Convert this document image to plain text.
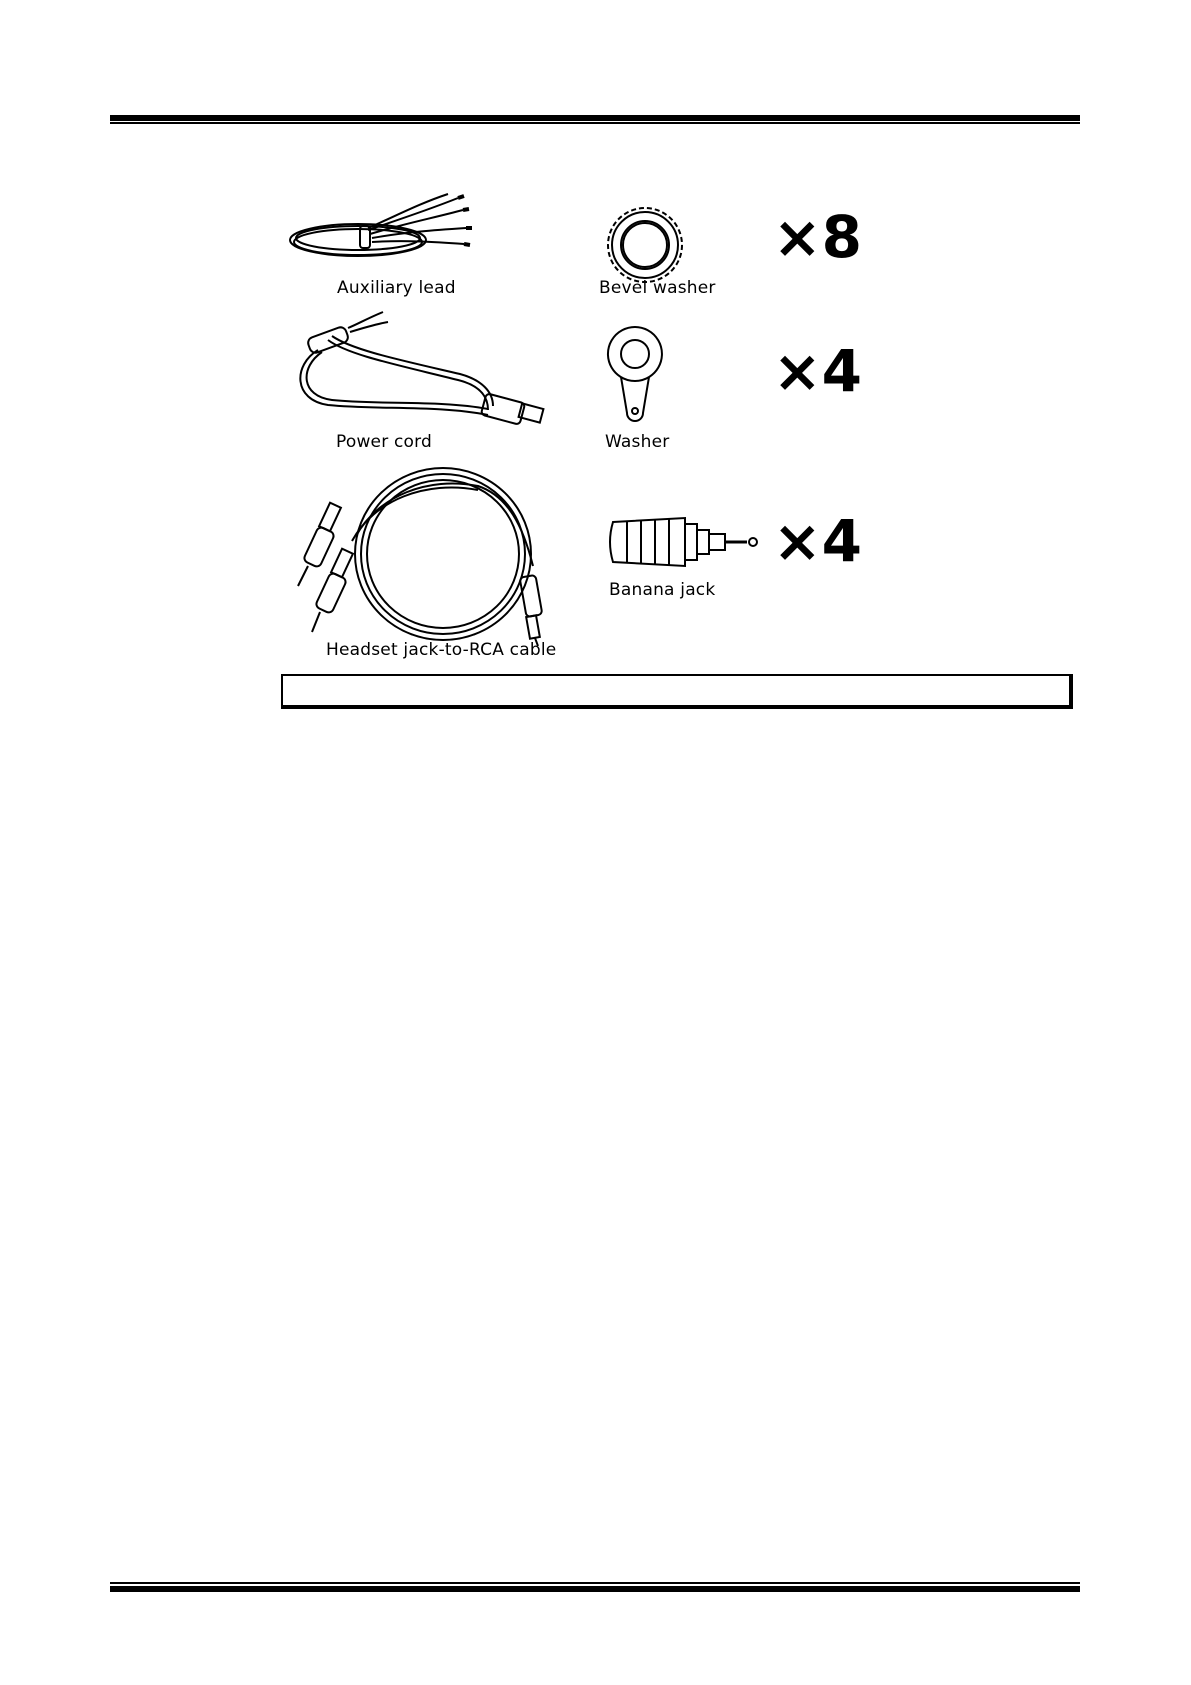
Auxiliary lead	Bevel washer
×8
Power cord	Washer
×4
Headset jack-to-RCA cable
Banana jack
×4
